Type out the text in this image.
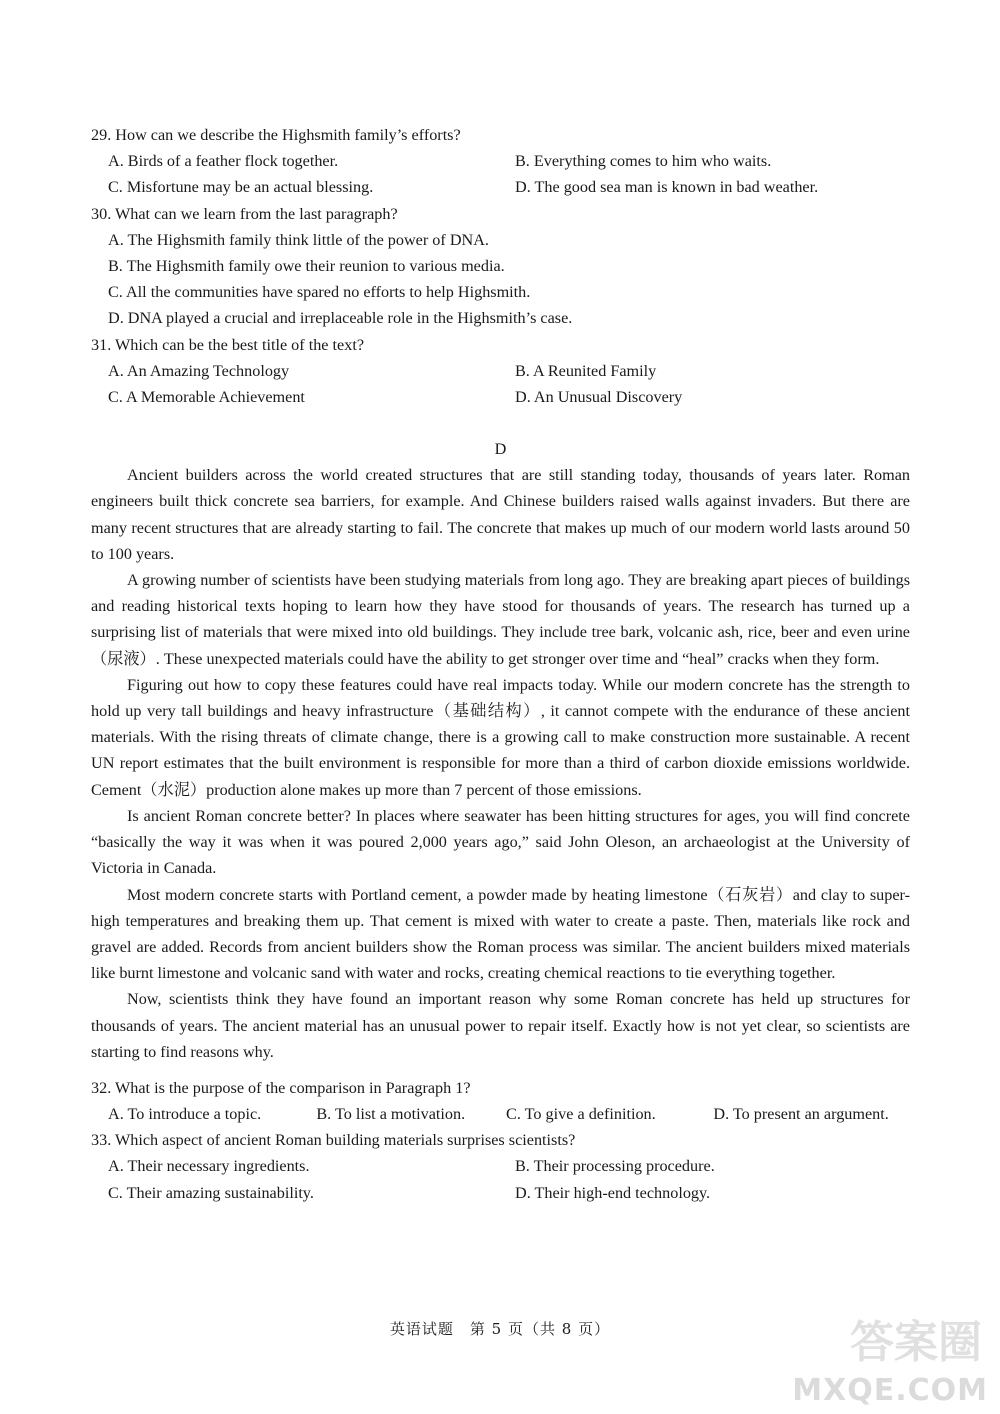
29. How can we describe the Highsmith family’s efforts?
A. Birds of a feather flock together.	B. Everything comes to him who waits.
C. Misfortune may be an actual blessing.	D. The good sea man is known in bad weather.
30. What can we learn from the last paragraph?
A. The Highsmith family think little of the power of DNA.
B. The Highsmith family owe their reunion to various media.
C. All the communities have spared no efforts to help Highsmith.
D. DNA played a crucial and irreplaceable role in the Highsmith’s case.
31. Which can be the best title of the text?
A. An Amazing Technology	B. A Reunited Family
C. A Memorable Achievement	D. An Unusual Discovery
D

Ancient builders across the world created structures that are still standing today, thousands of years later. Roman engineers built thick concrete sea barriers, for example. And Chinese builders raised walls against invaders. But there are many recent structures that are already starting to fail. The concrete that makes up much of our modern world lasts around 50 to 100 years.

A growing number of scientists have been studying materials from long ago. They are breaking apart pieces of buildings and reading historical texts hoping to learn how they have stood for thousands of years. The research has turned up a surprising list of materials that were mixed into old buildings. They include tree bark, volcanic ash, rice, beer and even urine（尿液）. These unexpected materials could have the ability to get stronger over time and “heal” cracks when they form.

Figuring out how to copy these features could have real impacts today. While our modern concrete has the strength to hold up very tall buildings and heavy infrastructure（基础结构）, it cannot compete with the endurance of these ancient materials. With the rising threats of climate change, there is a growing call to make construction more sustainable. A recent UN report estimates that the built environment is responsible for more than a third of carbon dioxide emissions worldwide. Cement（水泥）production alone makes up more than 7 percent of those emissions.

Is ancient Roman concrete better? In places where seawater has been hitting structures for ages, you will find concrete “basically the way it was when it was poured 2,000 years ago,” said John Oleson, an archaeologist at the University of Victoria in Canada.

Most modern concrete starts with Portland cement, a powder made by heating limestone（石灰岩）and clay to super-high temperatures and breaking them up. That cement is mixed with water to create a paste. Then, materials like rock and gravel are added. Records from ancient builders show the Roman process was similar. The ancient builders mixed materials like burnt limestone and volcanic sand with water and rocks, creating chemical reactions to tie everything together.

Now, scientists think they have found an important reason why some Roman concrete has held up structures for thousands of years. The ancient material has an unusual power to repair itself. Exactly how is not yet clear, so scientists are starting to find reasons why.

32. What is the purpose of the comparison in Paragraph 1?
A. To introduce a topic.	B. To list a motivation.	C. To give a definition.	D. To present an argument.
33. Which aspect of ancient Roman building materials surprises scientists?
A. Their necessary ingredients.	B. Their processing procedure.
C. Their amazing sustainability.	D. Their high-end technology.
英语试题　第 5 页（共 8 页）	答案圈
MXQE.COM
